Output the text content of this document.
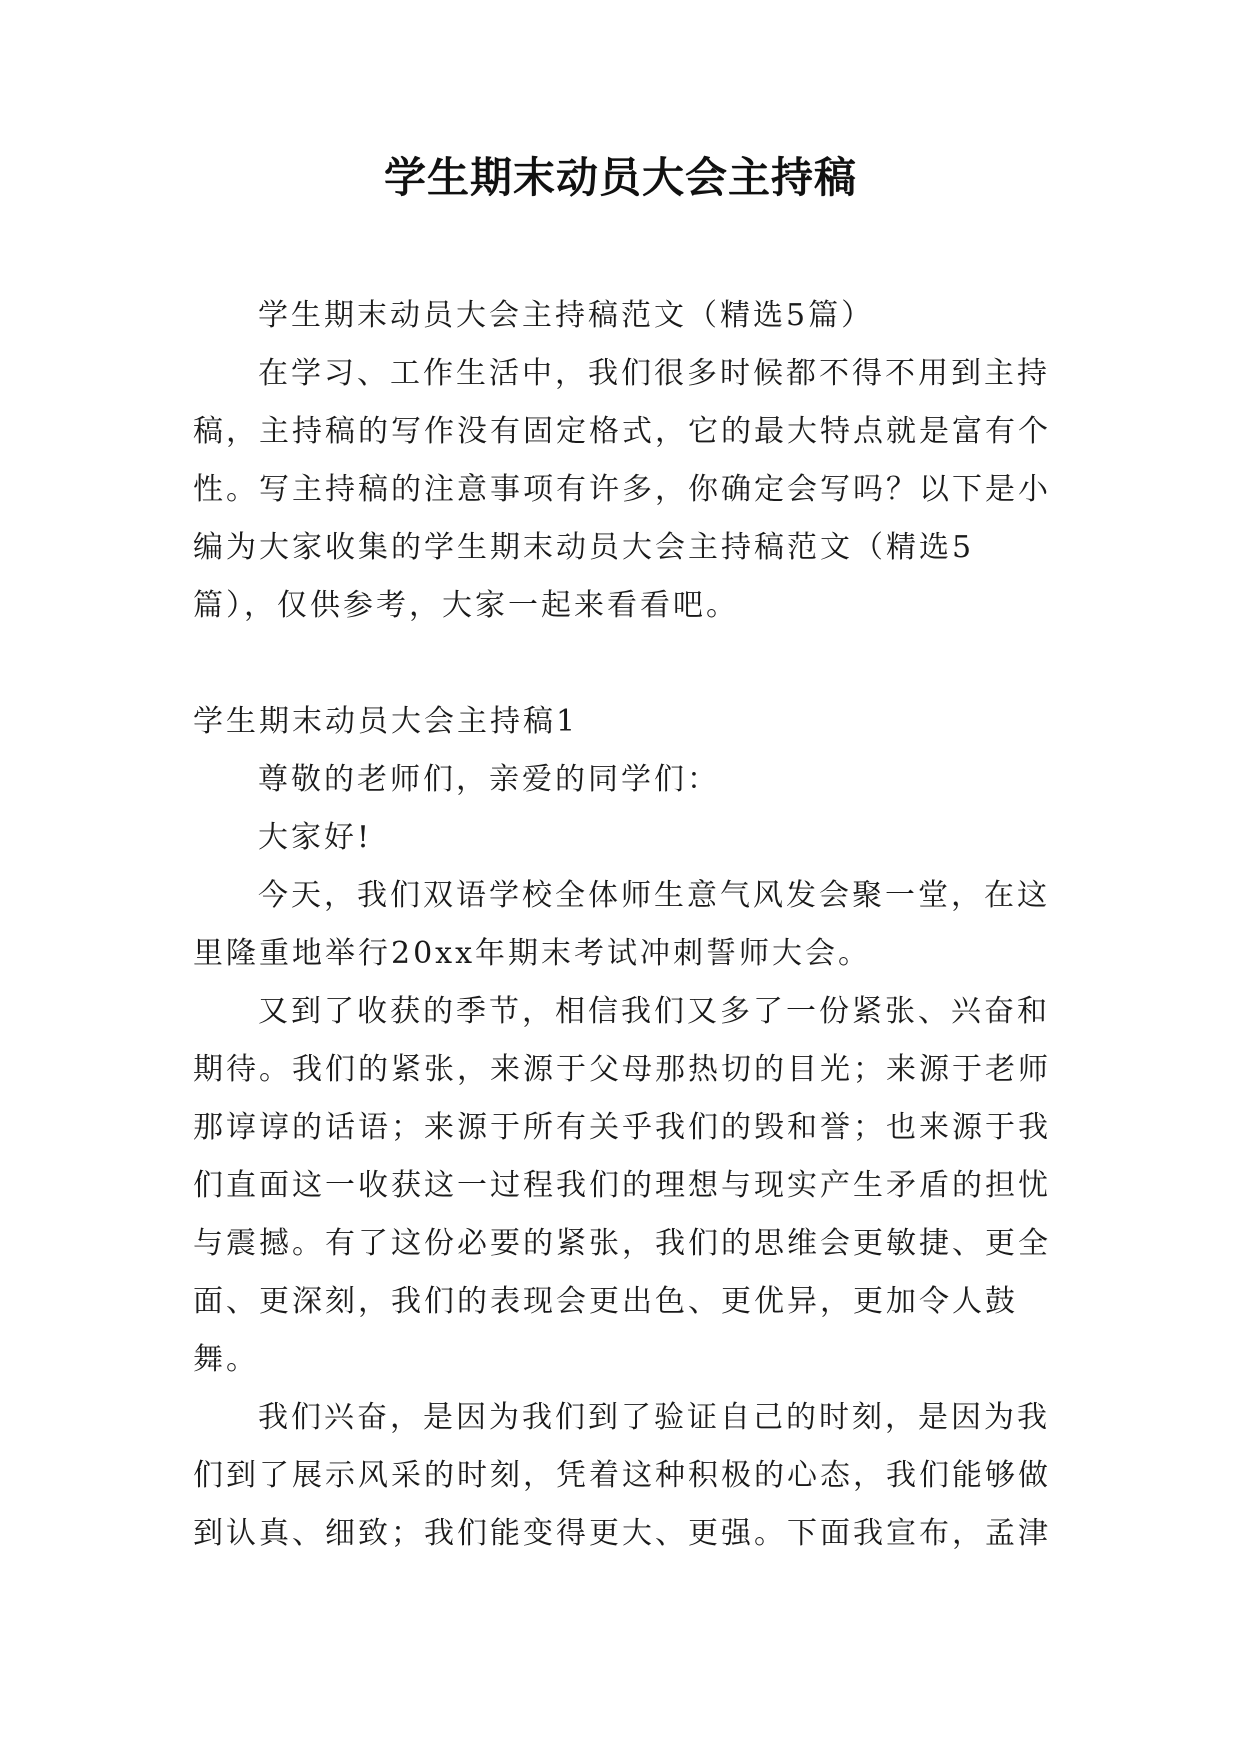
学生期末动员大会主持稿

学生期末动员大会主持稿范文（精选5篇）

在学习、工作生活中，我们很多时候都不得不用到主持稿，主持稿的写作没有固定格式，它的最大特点就是富有个性。写主持稿的注意事项有许多，你确定会写吗？以下是小编为大家收集的学生期末动员大会主持稿范文（精选5篇），仅供参考，大家一起来看看吧。

学生期末动员大会主持稿1

尊敬的老师们，亲爱的同学们：

大家好!

今天，我们双语学校全体师生意气风发会聚一堂，在这里隆重地举行20xx年期末考试冲刺誓师大会。

又到了收获的季节，相信我们又多了一份紧张、兴奋和期待。我们的紧张，来源于父母那热切的目光；来源于老师那谆谆的话语；来源于所有关乎我们的毁和誉；也来源于我们直面这一收获这一过程我们的理想与现实产生矛盾的担忧与震撼。有了这份必要的紧张，我们的思维会更敏捷、更全面、更深刻，我们的表现会更出色、更优异，更加令人鼓舞。

我们兴奋，是因为我们到了验证自己的时刻，是因为我们到了展示风采的时刻，凭着这种积极的心态，我们能够做到认真、细致；我们能变得更大、更强。下面我宣布，孟津
